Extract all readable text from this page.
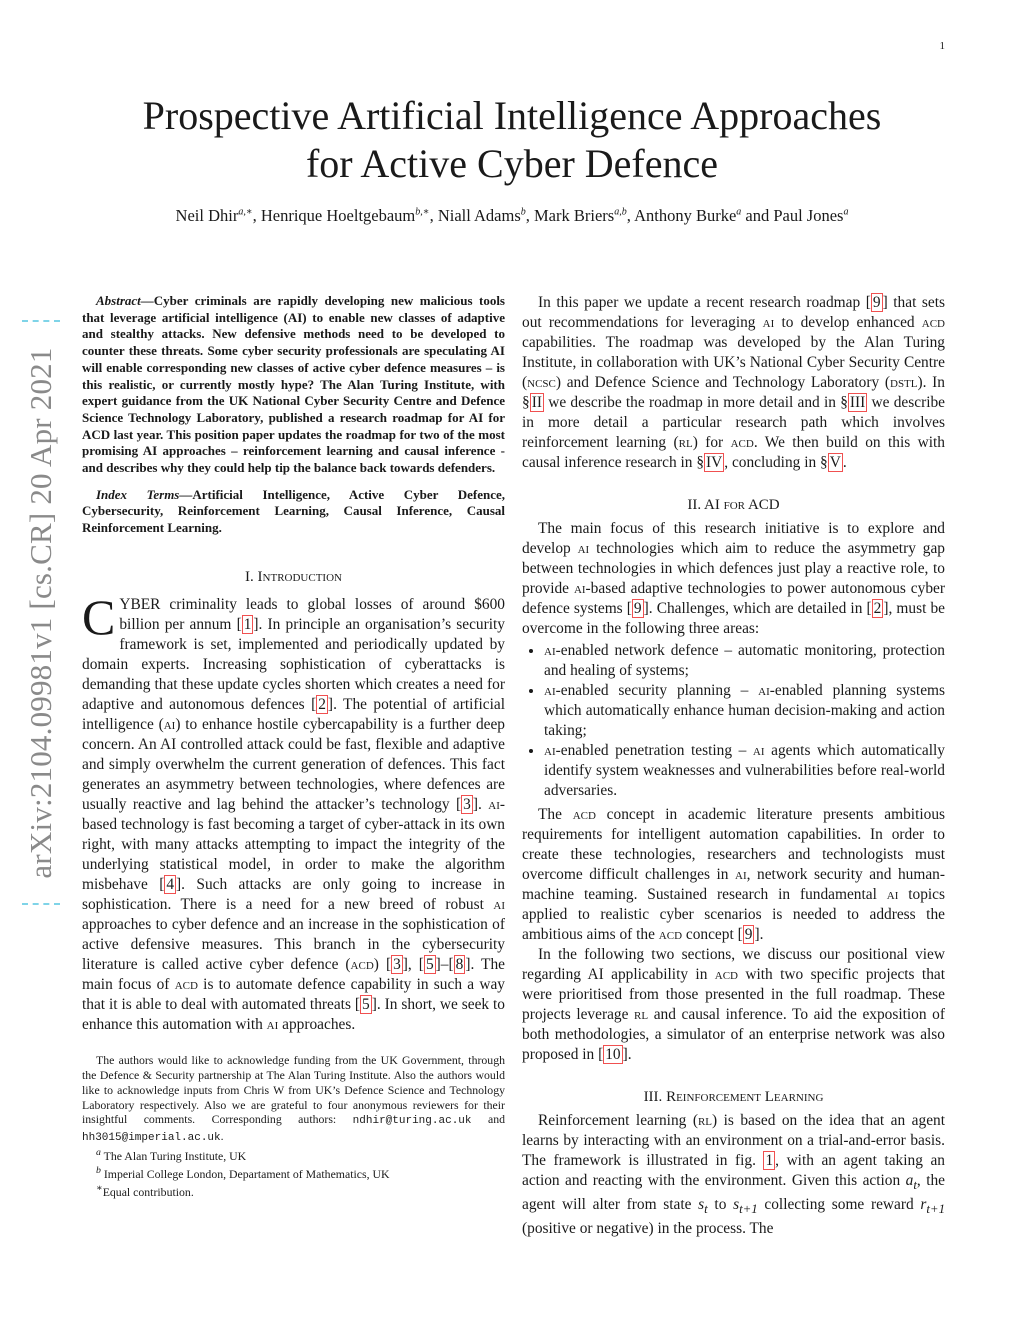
1
arXiv:2104.09981v1 [cs.CR] 20 Apr 2021
Prospective Artificial Intelligence Approaches
for Active Cyber Defence
Neil Dhir$^{a,∗}$, Henrique Hoeltgebaum$^{b,∗}$, Niall Adams$^b$, Mark Briers$^{a,b}$, Anthony Burke$^a$ and Paul Jones$^a$

Abstract—Cyber criminals are rapidly developing new malicious tools that leverage artificial intelligence (AI) to enable new classes of adaptive and stealthy attacks. New defensive methods need to be developed to counter these threats. Some cyber security professionals are speculating AI will enable corresponding new classes of active cyber defence measures – is this realistic, or currently mostly hype? The Alan Turing Institute, with expert guidance from the UK National Cyber Security Centre and Defence Science Technology Laboratory, published a research roadmap for AI for ACD last year. This position paper updates the roadmap for two of the most promising AI approaches – reinforcement learning and causal inference - and describes why they could help tip the balance back towards defenders.

Index Terms—Artificial Intelligence, Active Cyber Defence, Cybersecurity, Reinforcement Learning, Causal Inference, Causal Reinforcement Learning.

I. Introduction

CYBER criminality leads to global losses of around $600 billion per annum [ 1 ]. In principle an organisation’s security framework is set, implemented and periodically updated by domain experts. Increasing sophistication of cyberattacks is demanding that these update cycles shorten which creates a need for adaptive and autonomous defences [ 2 ]. The potential of artificial intelligence (ai) to enhance hostile cybercapability is a further deep concern. An AI controlled attack could be fast, flexible and adaptive and simply overwhelm the current generation of defences. This fact generates an asymmetry between technologies, where defences are usually reactive and lag behind the attacker’s technology [ 3 ]. ai-based technology is fast becoming a target of cyber-attack in its own right, with many attacks attempting to impact the integrity of the underlying statistical model, in order to make the algorithm misbehave [ 4 ]. Such attacks are only going to increase in sophistication. There is a need for a new breed of robust ai approaches to cyber defence and an increase in the sophistication of active defensive measures. This branch in the cybersecurity literature is called active cyber defence (acd) [ 3 ], [ 5 ]–[ 8 ]. The main focus of acd is to automate defence capability in such a way that it is able to deal with automated threats [ 5 ]. In short, we seek to enhance this automation with ai approaches.

The authors would like to acknowledge funding from the UK Government, through the Defence & Security partnership at The Alan Turing Institute. Also the authors would like to acknowledge inputs from Chris W from UK’s Defence Science and Technology Laboratory respectively. Also we are grateful to four anonymous reviewers for their insightful comments. Corresponding authors: ndhir@turing.ac.uk and hh3015@imperial.ac.uk.

$^a$ The Alan Turing Institute, UK

$^b$ Imperial College London, Departament of Mathematics, UK

∗Equal contribution.

In this paper we update a recent research roadmap [ 9 ] that sets out recommendations for leveraging ai to develop enhanced acd capabilities. The roadmap was developed by the Alan Turing Institute, in collaboration with UK’s National Cyber Security Centre (ncsc) and Defence Science and Technology Laboratory (dstl). In § II we describe the roadmap in more detail and in § III we describe in more detail a particular research path which involves reinforcement learning (rl) for acd. We then build on this with causal inference research in § IV , concluding in § V .

II. AI for ACD

The main focus of this research initiative is to explore and develop ai technologies which aim to reduce the asymmetry gap between technologies in which defences just play a reactive role, to provide ai-based adaptive technologies to power autonomous cyber defence systems [ 9 ]. Challenges, which are detailed in [ 2 ], must be overcome in the following three areas:

• ai-enabled network defence – automatic monitoring, protection and healing of systems;
• ai-enabled security planning – ai-enabled planning systems which automatically enhance human decision-making and action taking;
• ai-enabled penetration testing – ai agents which automatically identify system weaknesses and vulnerabilities before real-world adversaries.

The acd concept in academic literature presents ambitious requirements for intelligent automation capabilities. In order to create these technologies, researchers and technologists must overcome difficult challenges in ai, network security and human-machine teaming. Sustained research in fundamental ai topics applied to realistic cyber scenarios is needed to address the ambitious aims of the acd concept [ 9 ].

In the following two sections, we discuss our positional view regarding AI applicability in acd with two specific projects that were prioritised from those presented in the full roadmap. These projects leverage rl and causal inference. To aid the exposition of both methodologies, a simulator of an enterprise network was also proposed in [ 10 ].

III. Reinforcement Learning

Reinforcement learning (rl) is based on the idea that an agent learns by interacting with an environment on a trial-and-error basis. The framework is illustrated in fig. 1 , with an agent taking an action and reacting with the environment. Given this action $a_t$, the agent will alter from state $s_t$ to $s_{t+1}$ collecting some reward $r_{t+1}$ (positive or negative) in the process. The
